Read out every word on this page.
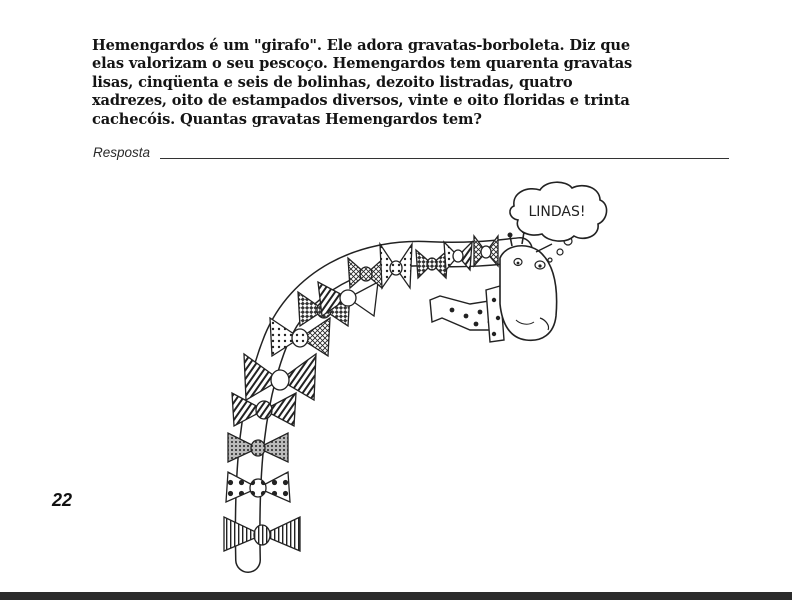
Hemengardos é um "girafo". Ele adora gravatas-borboleta. Diz que
elas valorizam o seu pescoço. Hemengardos tem quarenta gravatas
lisas, cinqüenta e seis de bolinhas, dezoito listradas, quatro
xadrezes, oito de estampados diversos, vinte e oito floridas e trinta
cachecóis. Quantas gravatas Hemengardos tem?
Resposta
22
LINDAS!
